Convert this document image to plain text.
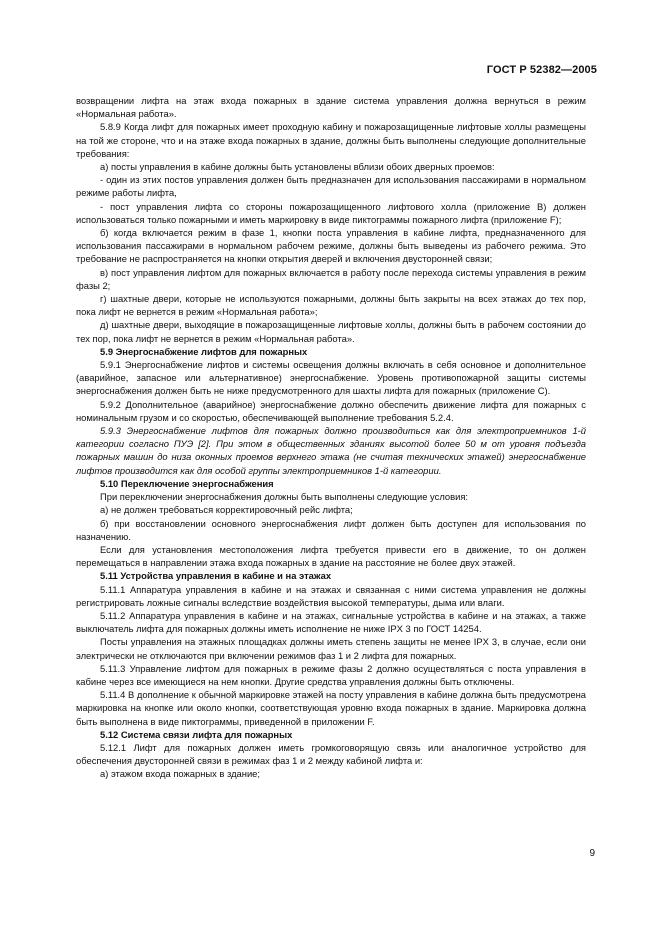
ГОСТ Р 52382—2005

возвращении лифта на этаж входа пожарных в здание система управления должна вернуться в режим «Нормальная работа».

5.8.9 Когда лифт для пожарных имеет проходную кабину и пожарозащищенные лифтовые холлы размещены на той же стороне, что и на этаже входа пожарных в здание, должны быть выполнены следующие дополнительные требования:

а) посты управления в кабине должны быть установлены вблизи обоих дверных проемов:

- один из этих постов управления должен быть предназначен для использования пассажирами в нормальном режиме работы лифта,

- пост управления лифта со стороны пожарозащищенного лифтового холла (приложение В) должен использоваться только пожарными и иметь маркировку в виде пиктограммы пожарного лифта (приложение F);

б) когда включается режим в фазе 1, кнопки поста управления в кабине лифта, предназначенного для использования пассажирами в нормальном рабочем режиме, должны быть выведены из рабочего режима. Это требование не распространяется на кнопки открытия дверей и включения двусторонней связи;

в) пост управления лифтом для пожарных включается в работу после перехода системы управления в режим фазы 2;

г) шахтные двери, которые не используются пожарными, должны быть закрыты на всех этажах до тех пор, пока лифт не вернется в режим «Нормальная работа»;

д) шахтные двери, выходящие в пожарозащищенные лифтовые холлы, должны быть в рабочем состоянии до тех пор, пока лифт не вернется в режим «Нормальная работа».

5.9 Энергоснабжение лифтов для пожарных

5.9.1 Энергоснабжение лифтов и системы освещения должны включать в себя основное и дополнительное (аварийное, запасное или альтернативное) энергоснабжение. Уровень противопожарной защиты системы энергоснабжения должен быть не ниже предусмотренного для шахты лифта для пожарных (приложение С).

5.9.2 Дополнительное (аварийное) энергоснабжение должно обеспечить движение лифта для пожарных с номинальным грузом и со скоростью, обеспечивающей выполнение требования 5.2.4.

5.9.3 Энергоснабжение лифтов для пожарных должно производиться как для электроприемников 1-й категории согласно ПУЭ [2]. При этом в общественных зданиях высотой более 50 м от уровня подъезда пожарных машин до низа оконных проемов верхнего этажа (не считая технических этажей) энергоснабжение лифтов производится как для особой группы электроприемников 1-й категории.

5.10 Переключение энергоснабжения

При переключении энергоснабжения должны быть выполнены следующие условия:

а) не должен требоваться корректировочный рейс лифта;

б) при восстановлении основного энергоснабжения лифт должен быть доступен для использования по назначению.

Если для установления местоположения лифта требуется привести его в движение, то он должен перемещаться в направлении этажа входа пожарных в здание на расстояние не более двух этажей.

5.11 Устройства управления в кабине и на этажах

5.11.1 Аппаратура управления в кабине и на этажах и связанная с ними система управления не должны регистрировать ложные сигналы вследствие воздействия высокой температуры, дыма или влаги.

5.11.2 Аппаратура управления в кабине и на этажах, сигнальные устройства в кабине и на этажах, а также выключатель лифта для пожарных должны иметь исполнение не ниже IPX 3 по ГОСТ 14254.

Посты управления на этажных площадках должны иметь степень защиты не менее IPX 3, в случае, если они электрически не отключаются при включении режимов фаз 1 и 2 лифта для пожарных.

5.11.3 Управление лифтом для пожарных в режиме фазы 2 должно осуществляться с поста управления в кабине через все имеющиеся на нем кнопки. Другие средства управления должны быть отключены.

5.11.4 В дополнение к обычной маркировке этажей на посту управления в кабине должна быть предусмотрена маркировка на кнопке или около кнопки, соответствующая уровню входа пожарных в здание. Маркировка должна быть выполнена в виде пиктограммы, приведенной в приложении F.

5.12 Система связи лифта для пожарных

5.12.1 Лифт для пожарных должен иметь громкоговорящую связь или аналогичное устройство для обеспечения двусторонней связи в режимах фаз 1 и 2 между кабиной лифта и:

а) этажом входа пожарных в здание;

9
